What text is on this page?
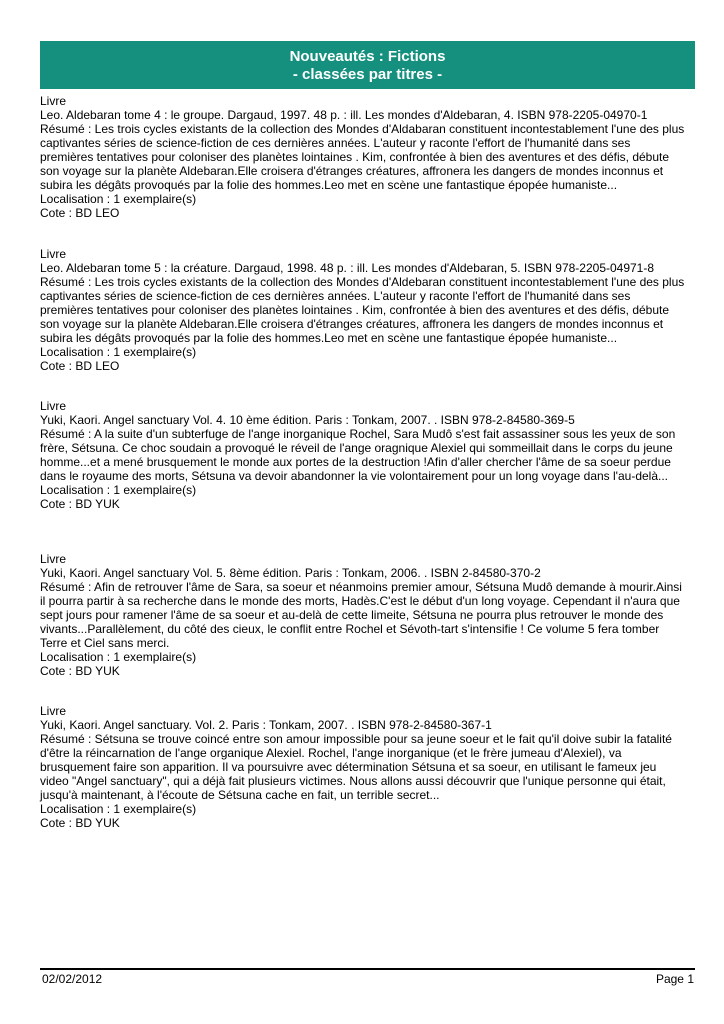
Nouveautés : Fictions
- classées par titres -
Livre
Leo. Aldebaran tome 4 : le groupe. Dargaud, 1997. 48 p. : ill. Les mondes d'Aldebaran, 4. ISBN 978-2205-04970-1
Résumé : Les trois cycles existants de la collection des Mondes d'Aldabaran constituent incontestablement l'une des plus
captivantes séries de science-fiction de ces dernières années. L'auteur y raconte l'effort de l'humanité dans ses
premières tentatives pour coloniser des planètes lointaines . Kim, confrontée à bien des aventures et des défis, débute
son voyage sur la planète Aldebaran.Elle croisera d'étranges créatures, affronera les dangers de mondes inconnus et
subira les dégâts provoqués par la folie des hommes.Leo met en scène une fantastique épopée humaniste...
Localisation : 1 exemplaire(s)
Cote : BD LEO
Livre
Leo. Aldebaran tome 5 : la créature. Dargaud, 1998. 48 p. : ill. Les mondes d'Aldebaran, 5. ISBN 978-2205-04971-8
Résumé : Les trois cycles existants de la collection des Mondes d'Aldebaran constituent incontestablement l'une des plus
captivantes séries de science-fiction de ces dernières années. L'auteur y raconte l'effort de l'humanité dans ses
premières tentatives pour coloniser des planètes lointaines . Kim, confrontée à bien des aventures et des défis, débute
son voyage sur la planète Aldebaran.Elle croisera d'étranges créatures, affronera les dangers de mondes inconnus et
subira les dégâts provoqués par la folie des hommes.Leo met en scène une fantastique épopée humaniste...
Localisation : 1 exemplaire(s)
Cote : BD LEO
Livre
Yuki, Kaori. Angel sanctuary Vol. 4. 10 ème édition. Paris : Tonkam, 2007. . ISBN 978-2-84580-369-5
Résumé : A la suite d'un subterfuge de l'ange inorganique Rochel, Sara Mudô s'est fait assassiner sous les yeux de son
frère, Sétsuna. Ce choc soudain a provoqué le réveil de l'ange oragnique Alexiel qui sommeillait dans le corps du jeune
homme...et a mené brusquement le monde aux portes de la destruction !Afin d'aller chercher l'âme de sa soeur perdue
dans le royaume des morts, Sétsuna va devoir abandonner la vie volontairement pour un long voyage dans l'au-delà...
Localisation : 1 exemplaire(s)
Cote : BD YUK
Livre
Yuki, Kaori. Angel sanctuary Vol. 5. 8ème édition. Paris : Tonkam, 2006. . ISBN 2-84580-370-2
Résumé : Afin de retrouver l'âme de Sara, sa soeur et néanmoins premier amour, Sétsuna Mudô demande à mourir.Ainsi
il pourra partir à sa recherche dans le monde des morts, Hadès.C'est le début d'un long voyage. Cependant il n'aura que
sept jours pour ramener l'âme de sa soeur et au-delà de cette limeite, Sétsuna ne pourra plus retrouver le monde des
vivants...Parallèlement, du côté des cieux, le conflit entre Rochel et Sévoth-tart s'intensifie ! Ce volume 5 fera tomber
Terre et Ciel sans merci.
Localisation : 1 exemplaire(s)
Cote : BD YUK
Livre
Yuki, Kaori. Angel sanctuary. Vol. 2. Paris : Tonkam, 2007. . ISBN 978-2-84580-367-1
Résumé : Sétsuna se trouve coincé entre son amour impossible pour sa jeune soeur et le fait qu'il doive subir la fatalité
d'être la réincarnation de l'ange organique Alexiel. Rochel, l'ange inorganique (et le frère jumeau d'Alexiel), va
brusquement faire son apparition. Il va poursuivre avec détermination Sétsuna et sa soeur, en utilisant le fameux jeu
video "Angel sanctuary", qui a déjà fait plusieurs victimes. Nous allons aussi découvrir que l'unique personne qui était,
jusqu'à maintenant, à l'écoute de Sétsuna cache en fait, un terrible secret...
Localisation : 1 exemplaire(s)
Cote : BD YUK
02/02/2012	Page 1
